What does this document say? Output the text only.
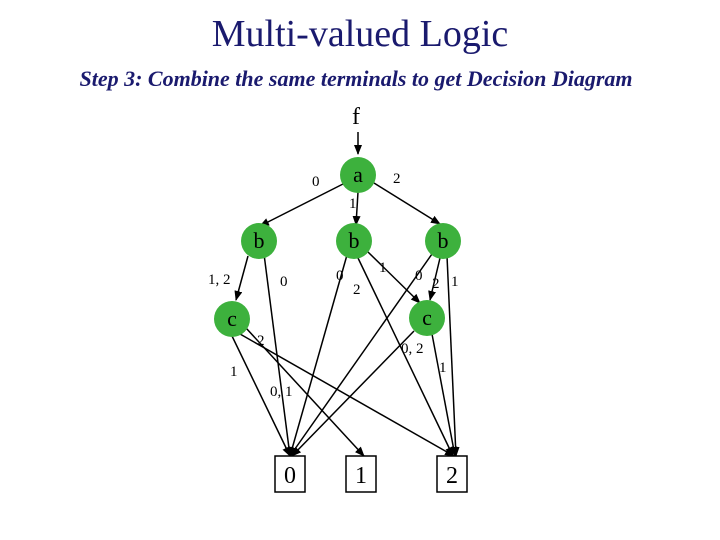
Multi-valued Logic
Step 3: Combine the same terminals to get Decision Diagram
f
a
b	b	b
c	c
0 1	2
0
1
2
1, 2	0	0
2
1 0 2 1
2
1
0, 1
0, 2
1
